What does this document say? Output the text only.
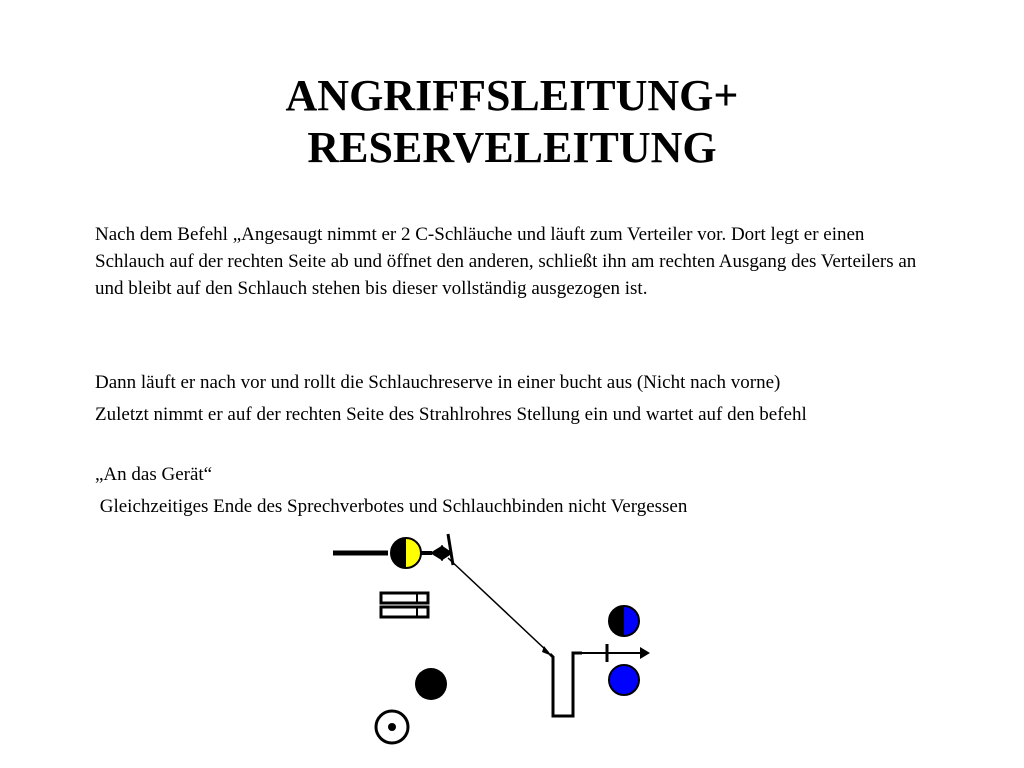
ANGRIFFSLEITUNG+
RESERVELEITUNG

Nach dem Befehl „Angesaugt nimmt er 2 C-Schläuche und läuft zum Verteiler vor. Dort legt er einen Schlauch auf der rechten Seite ab und öffnet den anderen, schließt ihn am rechten Ausgang des Verteilers an und bleibt auf den Schlauch stehen bis dieser vollständig ausgezogen ist.

Dann läuft er nach vor und rollt die Schlauchreserve in einer bucht aus (Nicht nach vorne)

Zuletzt nimmt er auf der rechten Seite des Strahlrohres Stellung ein und wartet auf den befehl

„An das Gerät“

Gleichzeitiges Ende des Sprechverbotes und Schlauchbinden nicht Vergessen
